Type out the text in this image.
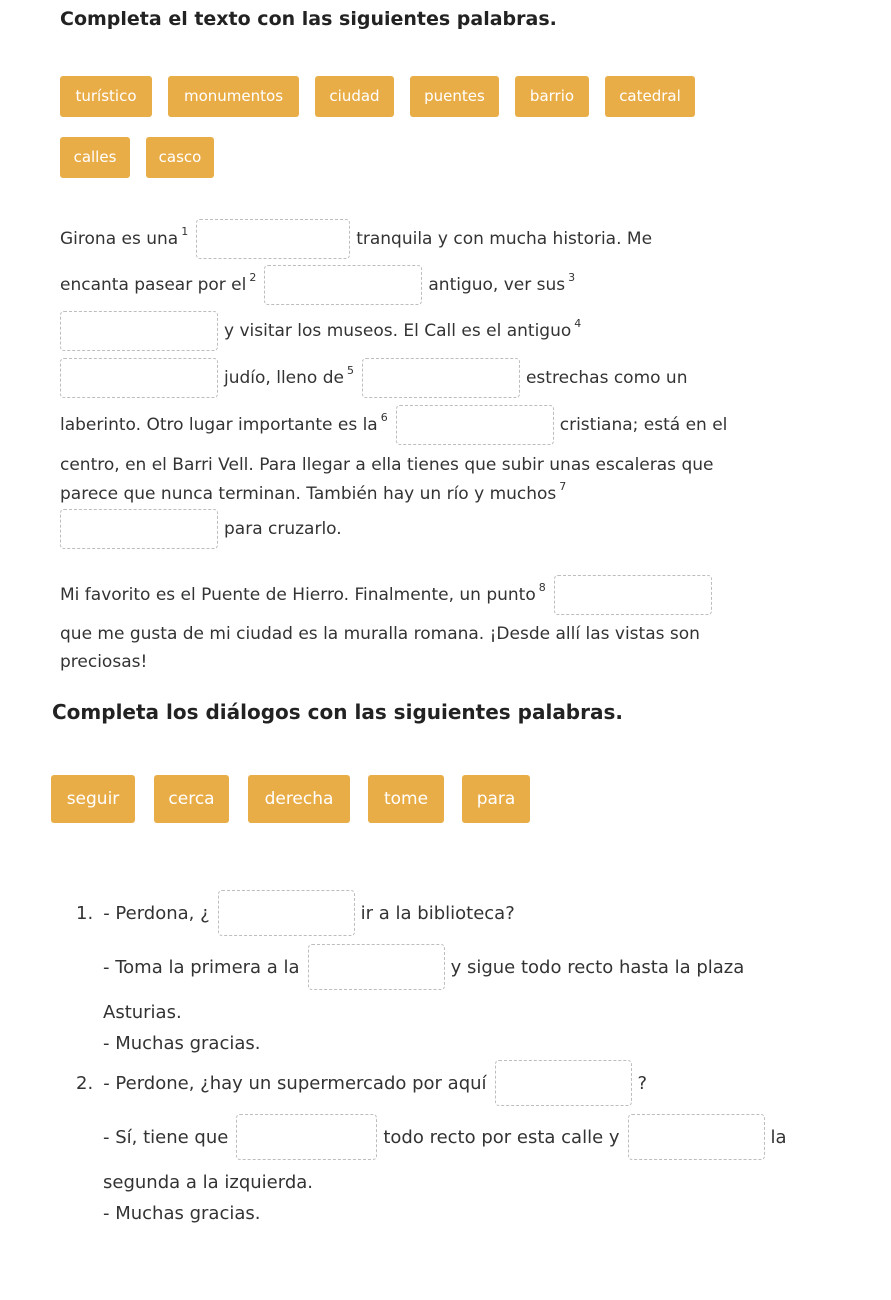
Completa el texto con las siguientes palabras.
turístico	monumentos	ciudad	puentes	barrio	catedral
calles	casco
Girona es una $^1$	tranquila y con mucha historia. Me
encanta pasear por el $^2$	antiguo, ver sus $^3$
y visitar los museos. El Call es el antiguo $^4$
judío, lleno de $^5$	estrechas como un
laberinto. Otro lugar importante es la $^6$	cristiana; está en el
centro, en el Barri Vell. Para llegar a ella tienes que subir unas escaleras que
parece que nunca terminan. También hay un río y muchos $^7$
para cruzarlo.
Mi favorito es el Puente de Hierro. Finalmente, un punto $^8$
que me gusta de mi ciudad es la muralla romana. ¡Desde allí las vistas son
preciosas!
Completa los diálogos con las siguientes palabras.
seguir	cerca	derecha	tome	para
1. - Perdona, ¿	ir a la biblioteca?
- Toma la primera a la	y sigue todo recto hasta la plaza
Asturias.
- Muchas gracias.
2. - Perdone, ¿hay un supermercado por aquí	?
- Sí, tiene que	todo recto por esta calle y	la
segunda a la izquierda.
- Muchas gracias.
